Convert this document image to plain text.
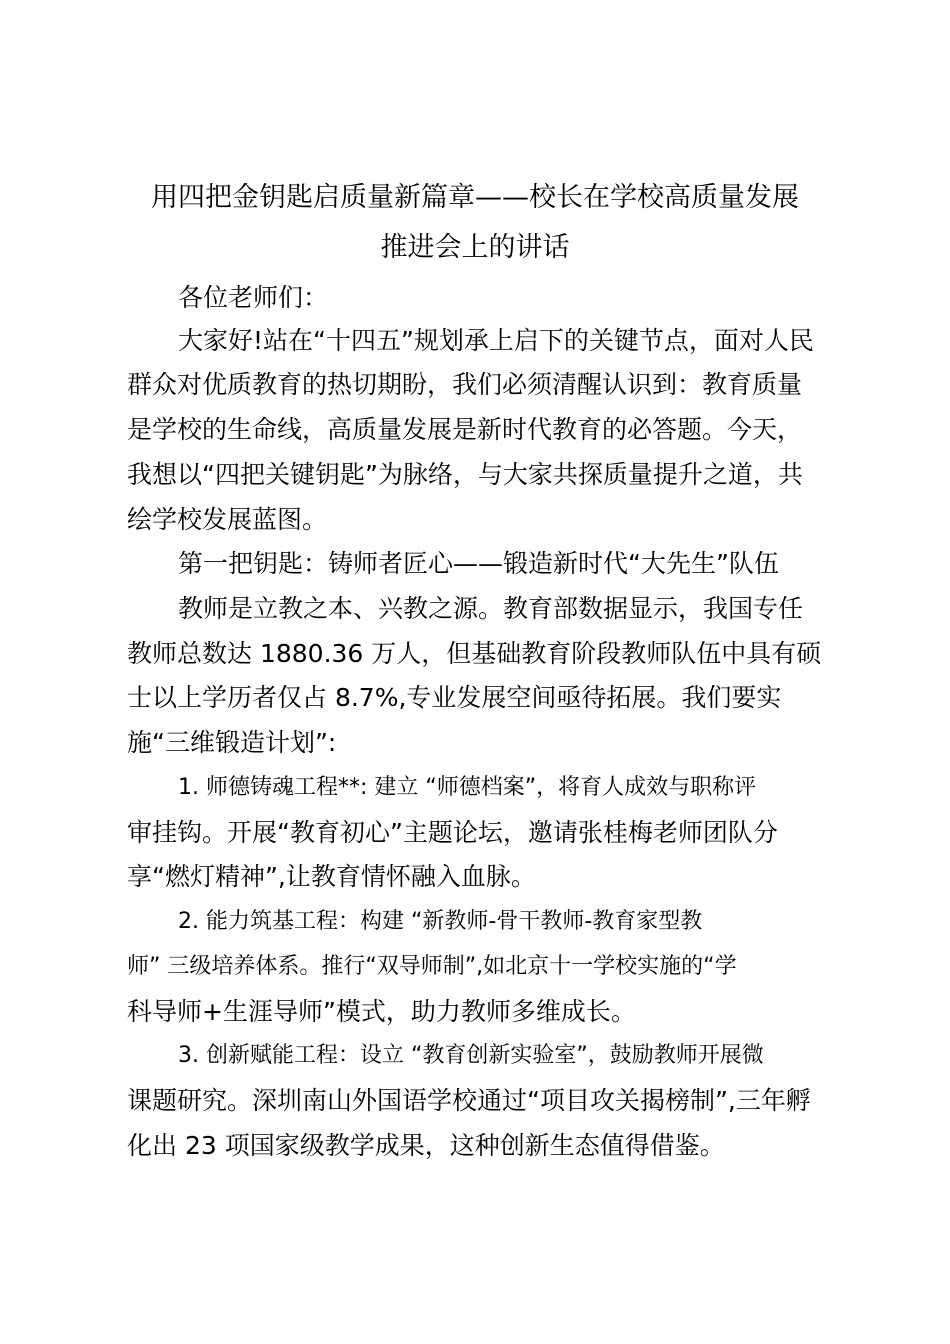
用四把金钥匙启质量新篇章——校长在学校高质量发展
推进会上的讲话
各位老师们：
大家好!站在“十四五”规划承上启下的关键节点，面对人民
群众对优质教育的热切期盼，我们必须清醒认识到：教育质量
是学校的生命线，高质量发展是新时代教育的必答题。今天，
我想以“四把关键钥匙”为脉络，与大家共探质量提升之道，共
绘学校发展蓝图。
第一把钥匙：铸师者匠心——锻造新时代“大先生”队伍
教师是立教之本、兴教之源。教育部数据显示，我国专任
教师总数达 1880.36 万人，但基础教育阶段教师队伍中具有硕
士以上学历者仅占 8.7%,专业发展空间亟待拓展。我们要实
施“三维锻造计划”:
1. 师德铸魂工程**: 建立 “师德档案”，将育人成效与职称评
审挂钩。开展“教育初心”主题论坛，邀请张桂梅老师团队分
享“燃灯精神”,让教育情怀融入血脉。
2. 能力筑基工程：构建 “新教师-骨干教师-教育家型教
师” 三级培养体系。推行“双导师制”,如北京十一学校实施的“学
科导师+生涯导师”模式，助力教师多维成长。
3. 创新赋能工程：设立 “教育创新实验室”，鼓励教师开展微
课题研究。深圳南山外国语学校通过“项目攻关揭榜制”,三年孵
化出 23 项国家级教学成果，这种创新生态值得借鉴。
